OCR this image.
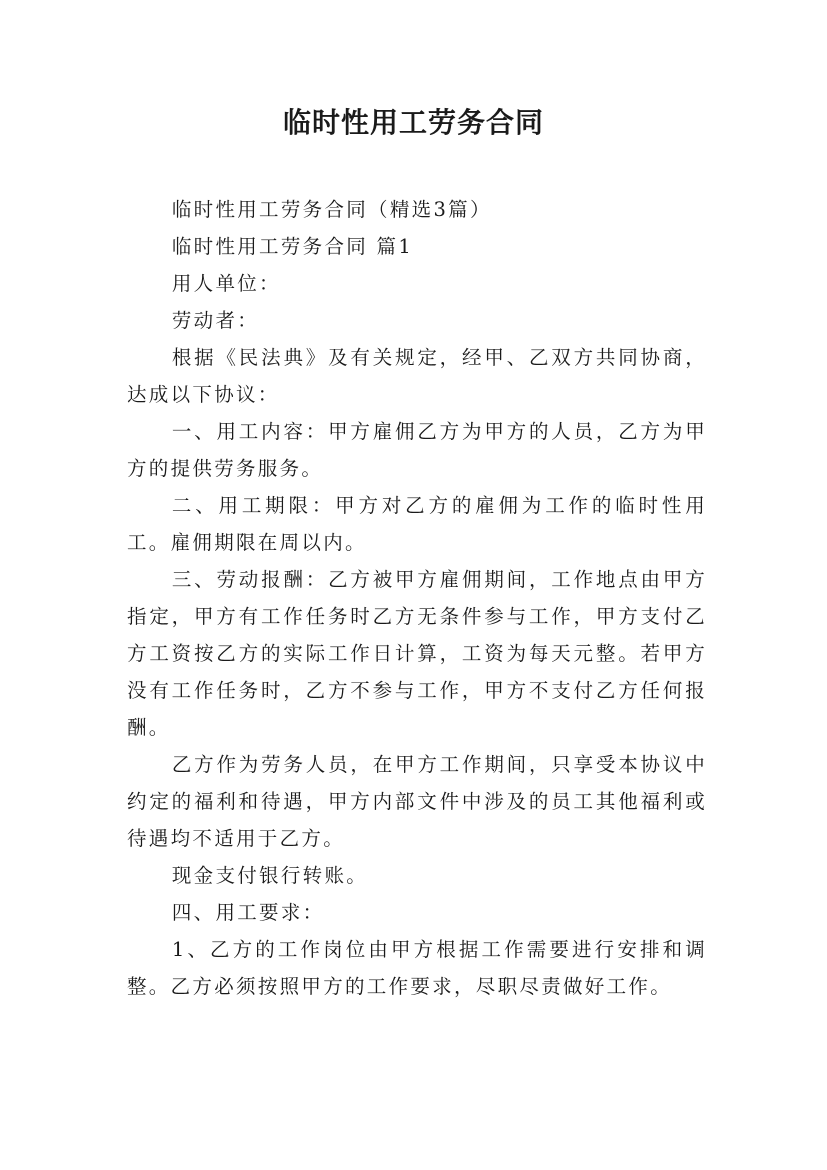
临时性用工劳务合同

临时性用工劳务合同（精选3篇）

临时性用工劳务合同 篇1

用人单位：

劳动者：

根据《民法典》及有关规定，经甲、乙双方共同协商，达成以下协议：

一、用工内容：甲方雇佣乙方为甲方的人员，乙方为甲方的提供劳务服务。

二、用工期限：甲方对乙方的雇佣为工作的临时性用工。雇佣期限在周以内。

三、劳动报酬：乙方被甲方雇佣期间，工作地点由甲方指定，甲方有工作任务时乙方无条件参与工作，甲方支付乙方工资按乙方的实际工作日计算，工资为每天元整。若甲方没有工作任务时，乙方不参与工作，甲方不支付乙方任何报酬。

乙方作为劳务人员，在甲方工作期间，只享受本协议中约定的福利和待遇，甲方内部文件中涉及的员工其他福利或待遇均不适用于乙方。

现金支付银行转账。

四、用工要求：

1、乙方的工作岗位由甲方根据工作需要进行安排和调整。乙方必须按照甲方的工作要求，尽职尽责做好工作。
